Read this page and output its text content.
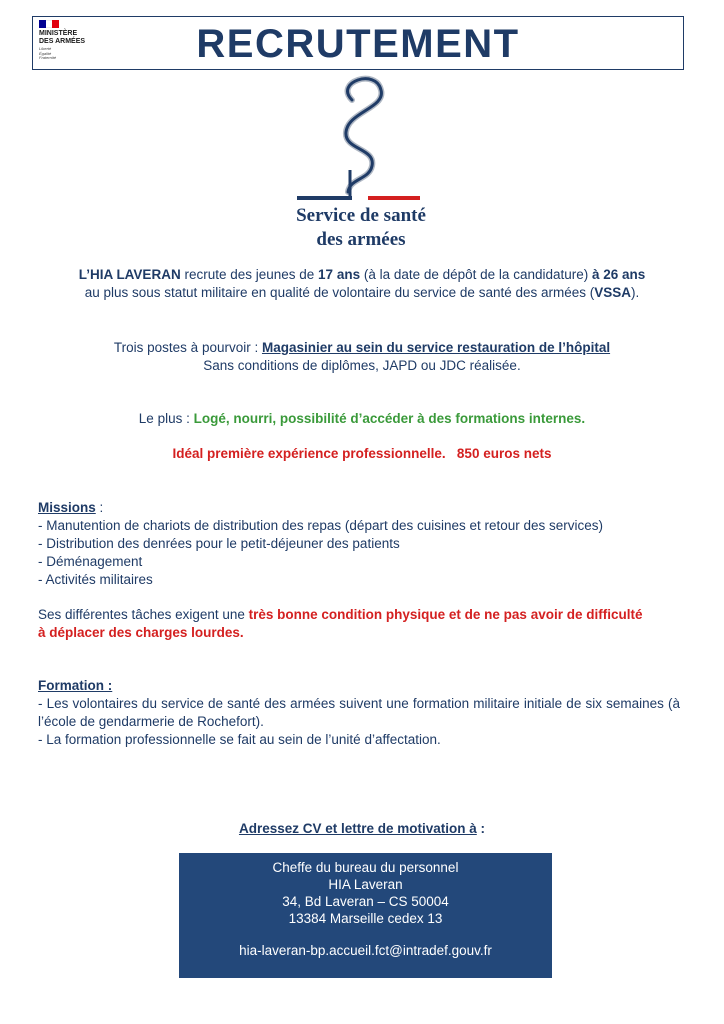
MINISTÈRE
DES ARMÉES
Liberté
Égalité
Fraternité	RECRUTEMENT
Service de santé
des armées
L’HIA LAVERAN recrute des jeunes de 17 ans (à la date de dépôt de la candidature) à 26 ans
au plus sous statut militaire en qualité de volontaire du service de santé des armées (VSSA).
Trois postes à pourvoir : Magasinier au sein du service restauration de l’hôpital
Sans conditions de diplômes, JAPD ou JDC réalisée.
Le plus : Logé, nourri, possibilité d’accéder à des formations internes.
Idéal première expérience professionnelle. 850 euros nets
Missions :
- Manutention de chariots de distribution des repas (départ des cuisines et retour des services)
- Distribution des denrées pour le petit-déjeuner des patients
- Déménagement
- Activités militaires
Ses différentes tâches exigent une très bonne condition physique et de ne pas avoir de difficulté
à déplacer des charges lourdes.
Formation :
- Les volontaires du service de santé des armées suivent une formation militaire initiale de six semaines (à l’école de gendarmerie de Rochefort).
- La formation professionnelle se fait au sein de l’unité d’affectation.
Adressez CV et lettre de motivation à :
Cheffe du bureau du personnel
HIA Laveran
34, Bd Laveran – CS 50004
13384 Marseille cedex 13
hia-laveran-bp.accueil.fct@intradef.gouv.fr
